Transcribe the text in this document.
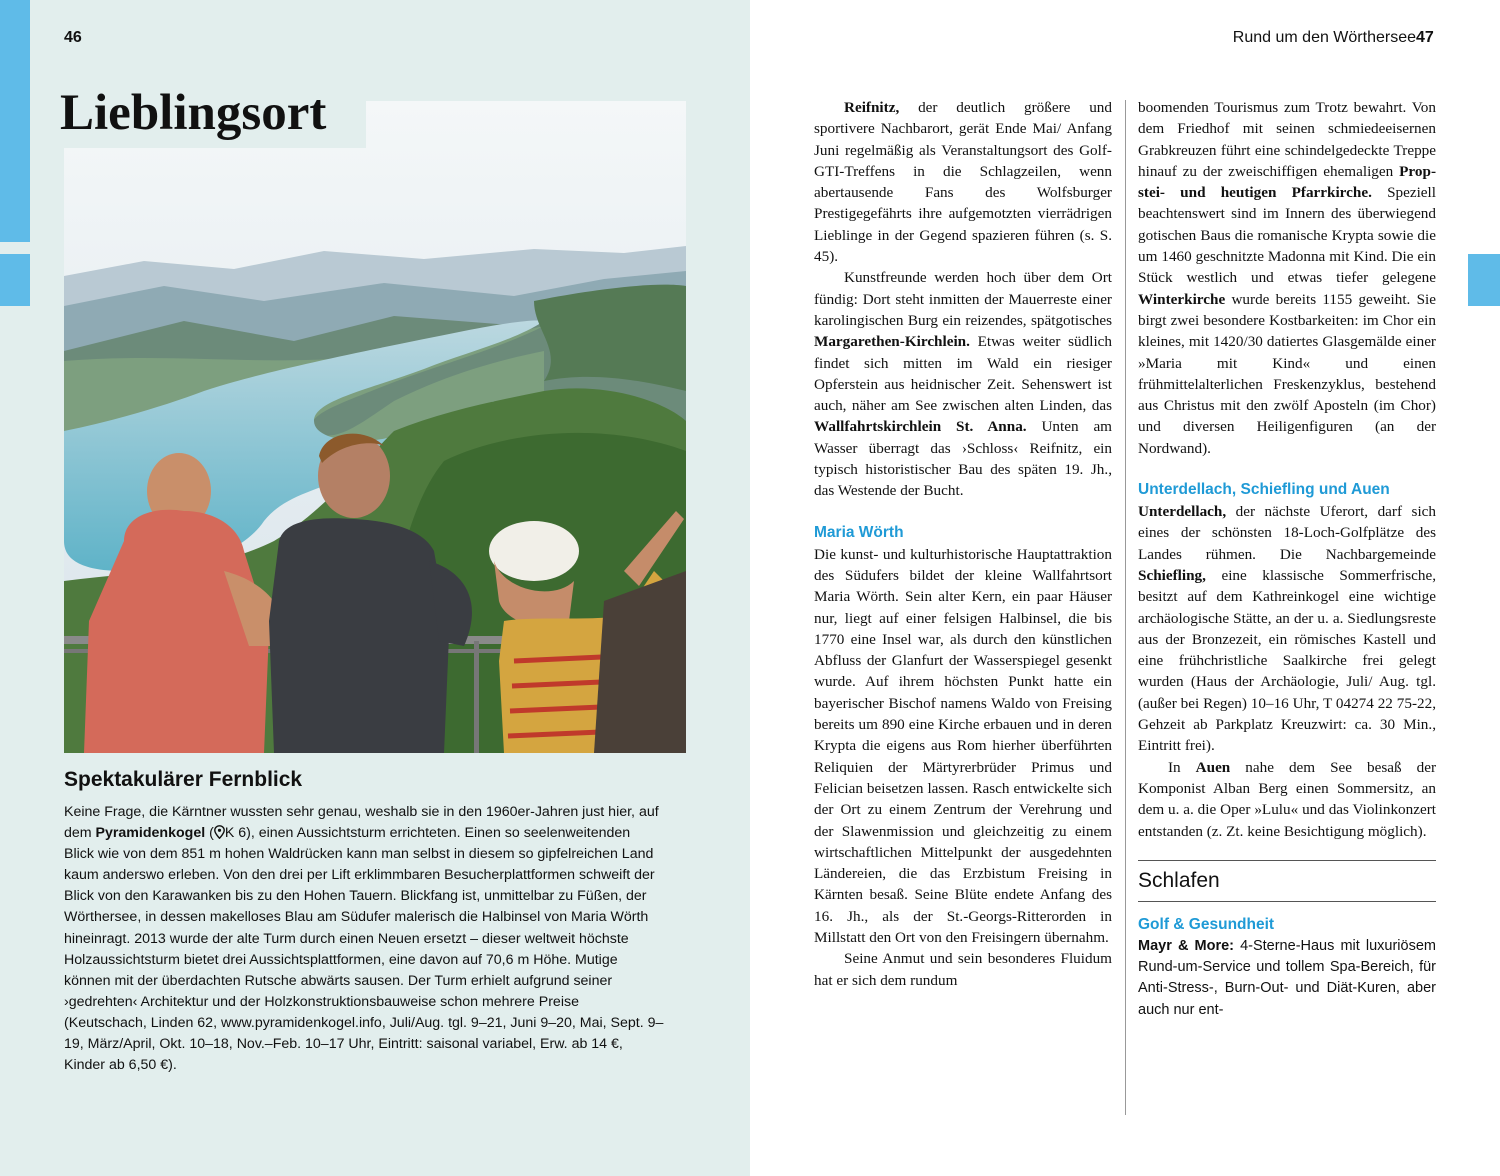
46
Lieblingsort
Spektakulärer Fernblick
Keine Frage, die Kärntner wussten sehr genau, weshalb sie in den 1960er-Jahren just hier, auf dem Pyramidenkogel ( K 6), einen Aussichtsturm errichteten. Einen so seelenweitenden Blick wie von dem 851 m hohen Waldrücken kann man selbst in diesem so gipfelreichen Land kaum anderswo erleben. Von den drei per Lift erklimmbaren Besucherplattformen schweift der Blick von den Karawanken bis zu den Hohen Tauern. Blickfang ist, unmittelbar zu Füßen, der Wörthersee, in dessen makelloses Blau am Südufer malerisch die Halbinsel von Maria Wörth hineinragt. 2013 wurde der alte Turm durch einen Neuen ersetzt – dieser weltweit höchste Holzaussichtsturm bietet drei Aussichtsplattformen, eine davon auf 70,6 m Höhe. Mutige können mit der überdachten Rutsche abwärts sausen. Der Turm erhielt aufgrund seiner ›gedrehten‹ Architektur und der Holzkonstruktionsbauweise schon mehrere Preise (Keutschach, Linden 62, www.pyramidenkogel.info, Juli/Aug. tgl. 9–21, Juni 9–20, Mai, Sept. 9–19, März/April, Okt. 10–18, Nov.–Feb. 10–17 Uhr, Eintritt: saisonal variabel, Erw. ab 14 €, Kinder ab 6,50 €).
Rund um den Wörthersee 47

Reifnitz, der deutlich größere und sportivere Nachbarort, gerät Ende Mai/ Anfang Juni regelmäßig als Veranstaltungsort des Golf-GTI-Treffens in die Schlagzeilen, wenn abertausende Fans des Wolfsburger Prestigegefährts ihre aufgemotzten vierrädrigen Lieblinge in der Gegend spazieren führen (s. S. 45).

Kunstfreunde werden hoch über dem Ort fündig: Dort steht inmitten der Mauerreste einer karolingischen Burg ein reizendes, spätgotisches Margarethen-Kirchlein. Etwas weiter südlich findet sich mitten im Wald ein riesiger Opferstein aus heidnischer Zeit. Sehenswert ist auch, näher am See zwischen alten Linden, das Wallfahrtskirchlein St. Anna. Unten am Wasser überragt das ›Schloss‹ Reifnitz, ein typisch historistischer Bau des späten 19. Jh., das Westende der Bucht.

Maria Wörth

Die kunst- und kulturhistorische Hauptattraktion des Südufers bildet der kleine Wallfahrtsort Maria Wörth. Sein alter Kern, ein paar Häuser nur, liegt auf einer felsigen Halbinsel, die bis 1770 eine Insel war, als durch den künstlichen Abfluss der Glanfurt der Wasserspiegel gesenkt wurde. Auf ihrem höchsten Punkt hatte ein bayerischer Bischof namens Waldo von Freising bereits um 890 eine Kirche erbauen und in deren Krypta die eigens aus Rom hierher überführten Reliquien der Märtyrerbrüder Primus und Felician beisetzen lassen. Rasch entwickelte sich der Ort zu einem Zentrum der Verehrung und der Slawenmission und gleichzeitig zu einem wirtschaftlichen Mittelpunkt der ausgedehnten Ländereien, die das Erzbistum Freising in Kärnten besaß. Seine Blüte endete Anfang des 16. Jh., als der St.-Georgs-Ritterorden in Millstatt den Ort von den Freisingern übernahm.

Seine Anmut und sein besonderes Fluidum hat er sich dem rundum

boomenden Tourismus zum Trotz bewahrt. Von dem Friedhof mit seinen schmiedeeisernen Grabkreuzen führt eine schindelgedeckte Treppe hinauf zu der zweischiffigen ehemaligen Propstei- und heutigen Pfarrkirche. Speziell beachtenswert sind im Innern des überwiegend gotischen Baus die romanische Krypta sowie die um 1460 geschnitzte Madonna mit Kind. Die ein Stück westlich und etwas tiefer gelegene Winterkirche wurde bereits 1155 geweiht. Sie birgt zwei besondere Kostbarkeiten: im Chor ein kleines, mit 1420/30 datiertes Glasgemälde einer »Maria mit Kind« und einen frühmittelalterlichen Freskenzyklus, bestehend aus Christus mit den zwölf Aposteln (im Chor) und diversen Heiligenfiguren (an der Nordwand).

Unterdellach, Schiefling und Auen

Unterdellach, der nächste Uferort, darf sich eines der schönsten 18-Loch-Golfplätze des Landes rühmen. Die Nachbargemeinde Schiefling, eine klassische Sommerfrische, besitzt auf dem Kathreinkogel eine wichtige archäologische Stätte, an der u. a. Siedlungsreste aus der Bronzezeit, ein römisches Kastell und eine frühchristliche Saalkirche frei gelegt wurden (Haus der Archäologie, Juli/ Aug. tgl. (außer bei Regen) 10–16 Uhr, T 04274 22 75-22, Gehzeit ab Parkplatz Kreuzwirt: ca. 30 Min., Eintritt frei).

In Auen nahe dem See besaß der Komponist Alban Berg einen Sommersitz, an dem u. a. die Oper »Lulu« und das Violinkonzert entstanden (z. Zt. keine Besichtigung möglich).

Schlafen

Golf & Gesundheit

Mayr & More: 4-Sterne-Haus mit luxuriösem Rund-um-Service und tollem Spa-Bereich, für Anti-Stress-, Burn-Out- und Diät-Kuren, aber auch nur ent-
